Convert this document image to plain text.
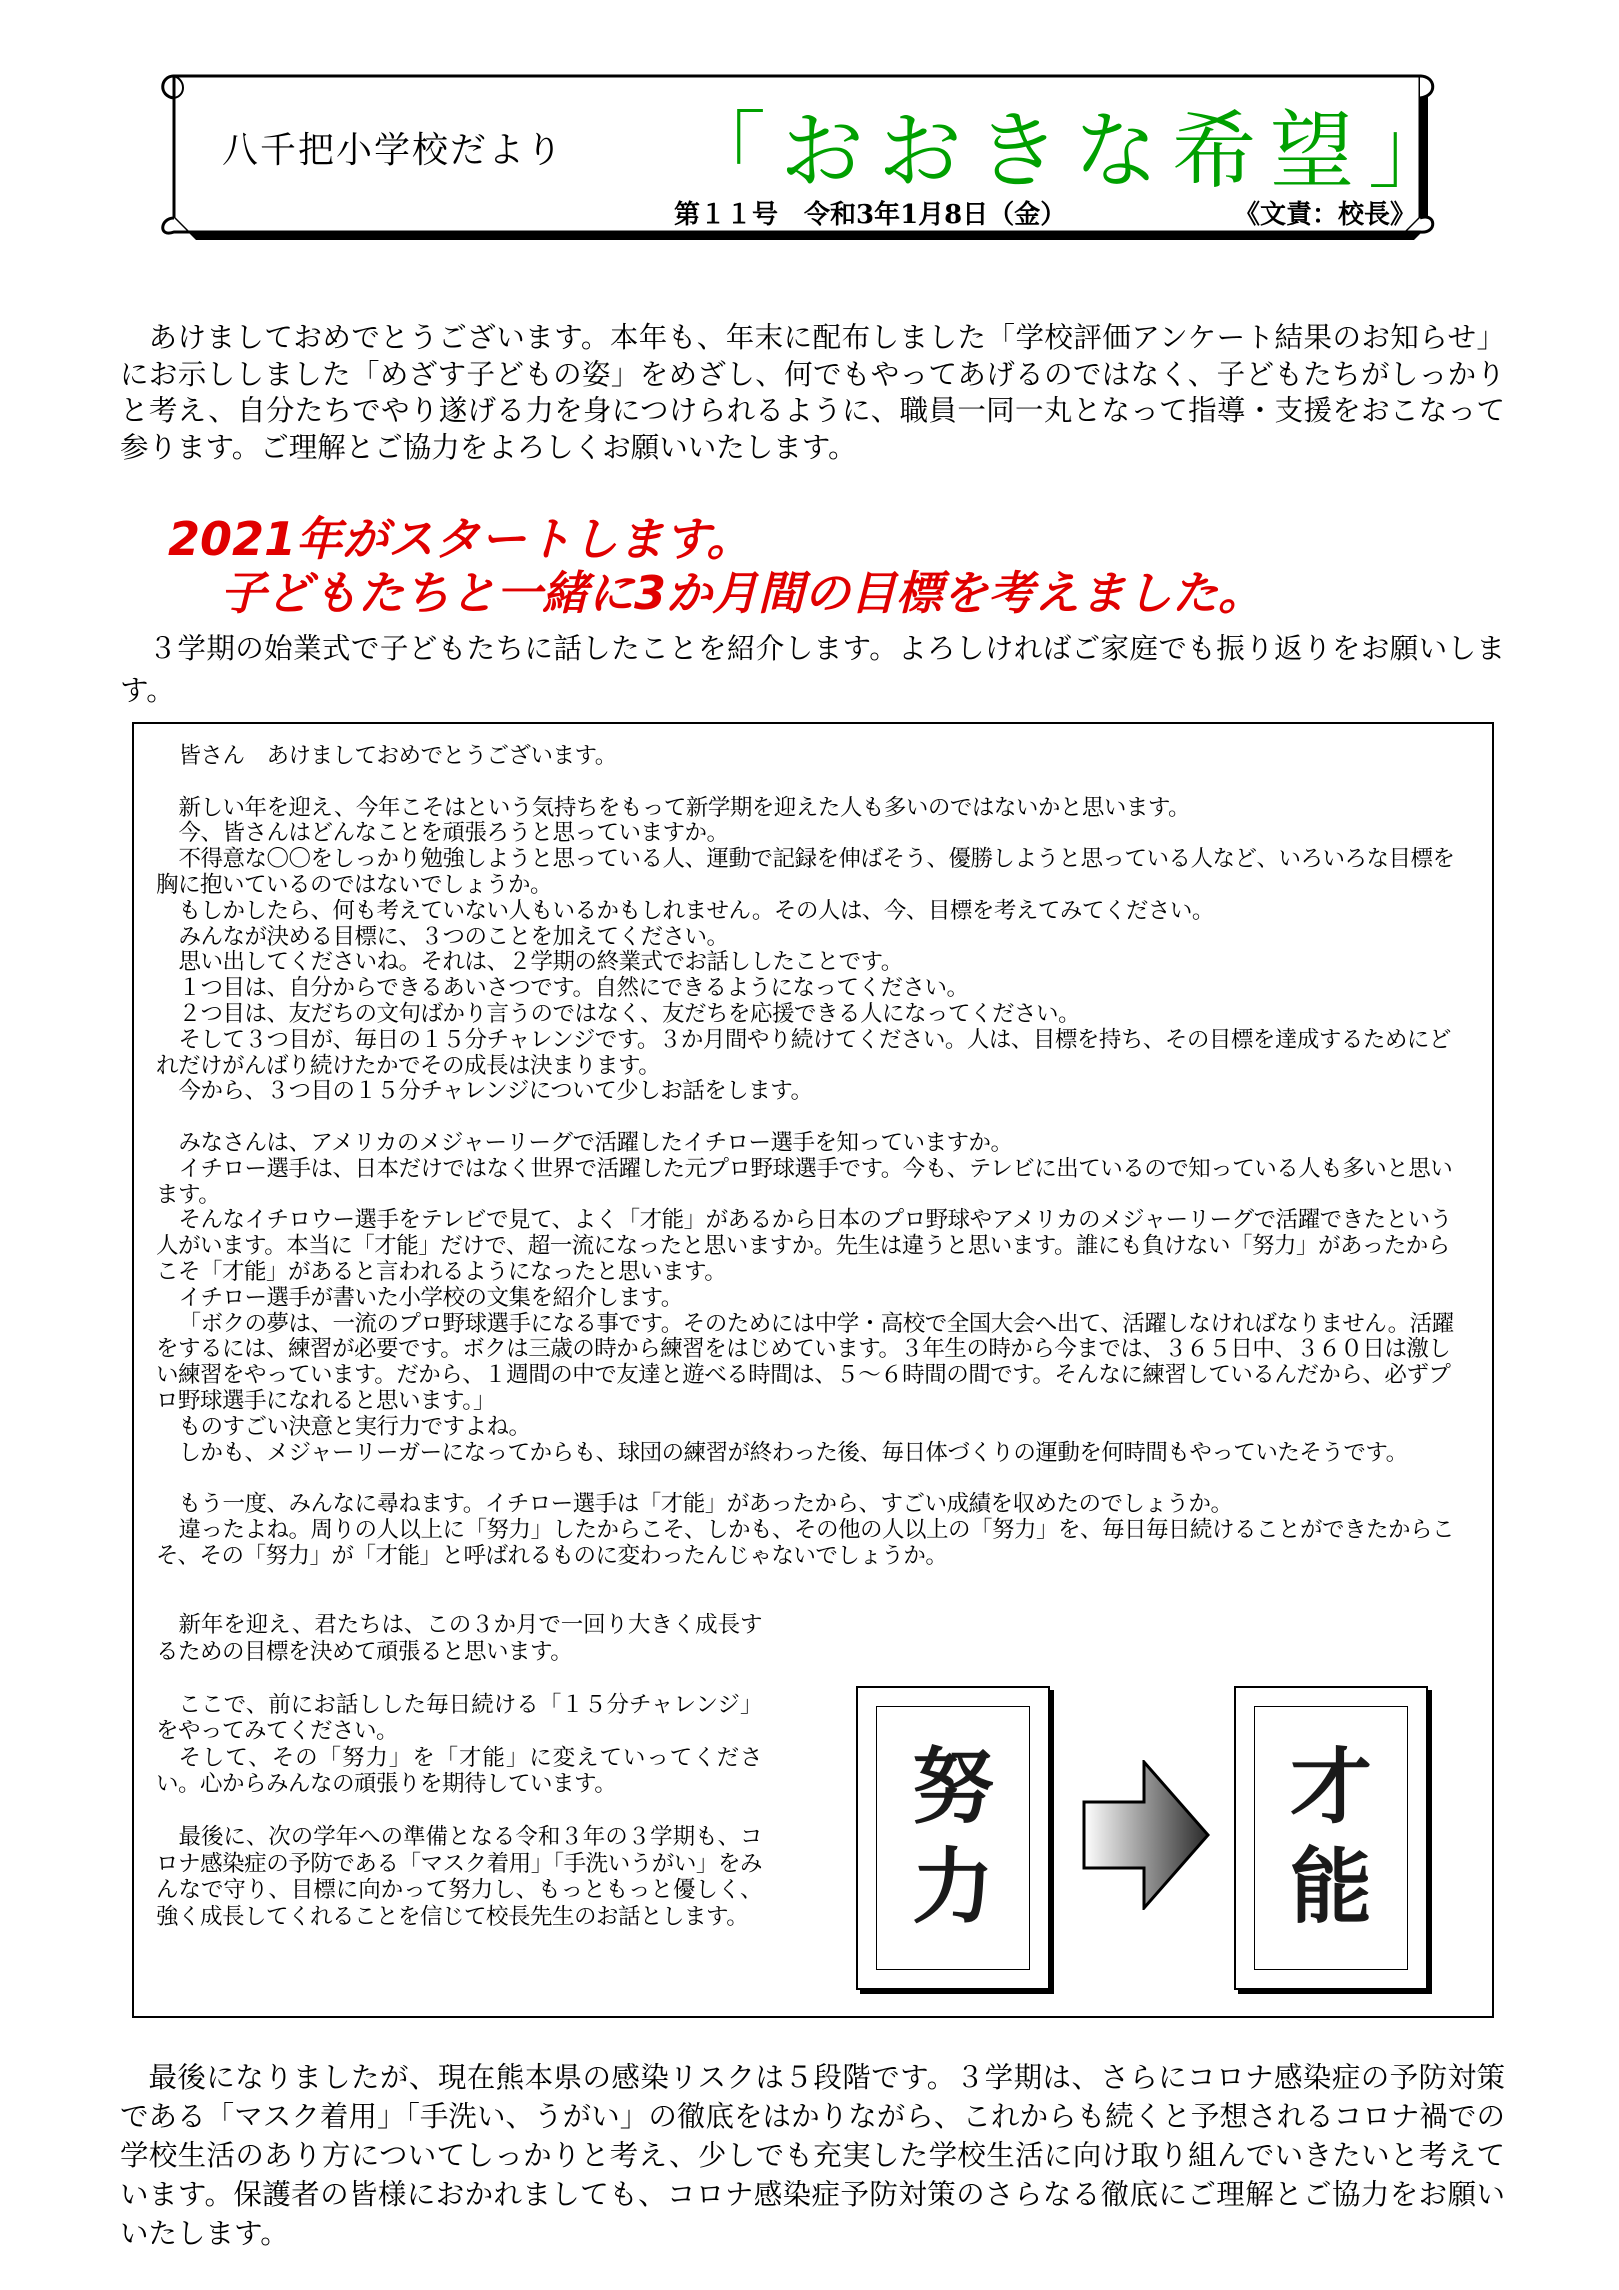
八千把小学校だより 「おおきな希望」
第１１号　令和3年1月8日（金）	《文責：校長》
あけましておめでとうございます。本年も、年末に配布しました「学校評価アンケート結果のお知らせ」にお示ししました「めざす子どもの姿」をめざし、何でもやってあげるのではなく、子どもたちがしっかりと考え、自分たちでやり遂げる力を身につけられるように、職員一同一丸となって指導・支援をおこなって参ります。ご理解とご協力をよろしくお願いいたします。
2021年がスタートします。
子どもたちと一緒に3か月間の目標を考えました。
３学期の始業式で子どもたちに話したことを紹介します。よろしければご家庭でも振り返りをお願いします。

皆さん　あけましておめでとうございます。

新しい年を迎え、今年こそはという気持ちをもって新学期を迎えた人も多いのではないかと思います。

今、皆さんはどんなことを頑張ろうと思っていますか。

不得意な〇〇をしっかり勉強しようと思っている人、運動で記録を伸ばそう、優勝しようと思っている人など、いろいろな目標を胸に抱いているのではないでしょうか。

もしかしたら、何も考えていない人もいるかもしれません。その人は、今、目標を考えてみてください。

みんなが決める目標に、３つのことを加えてください。

思い出してくださいね。それは、２学期の終業式でお話ししたことです。

１つ目は、自分からできるあいさつです。自然にできるようになってください。

２つ目は、友だちの文句ばかり言うのではなく、友だちを応援できる人になってください。

そして３つ目が、毎日の１５分チャレンジです。３か月間やり続けてください。人は、目標を持ち、その目標を達成するためにどれだけがんばり続けたかでその成長は決まります。

今から、３つ目の１５分チャレンジについて少しお話をします。

みなさんは、アメリカのメジャーリーグで活躍したイチロー選手を知っていますか。

イチロー選手は、日本だけではなく世界で活躍した元プロ野球選手です。今も、テレビに出ているので知っている人も多いと思います。

そんなイチロウー選手をテレビで見て、よく「才能」があるから日本のプロ野球やアメリカのメジャーリーグで活躍できたという人がいます。本当に「才能」だけで、超一流になったと思いますか。先生は違うと思います。誰にも負けない「努力」があったからこそ「才能」があると言われるようになったと思います。

イチロー選手が書いた小学校の文集を紹介します。

「ボクの夢は、一流のプロ野球選手になる事です。そのためには中学・高校で全国大会へ出て、活躍しなければなりません。活躍をするには、練習が必要です。ボクは三歳の時から練習をはじめています。３年生の時から今までは、３６５日中、３６０日は激しい練習をやっています。だから、１週間の中で友達と遊べる時間は、５～６時間の間です。そんなに練習しているんだから、必ずプロ野球選手になれると思います。」

ものすごい決意と実行力ですよね。

しかも、メジャーリーガーになってからも、球団の練習が終わった後、毎日体づくりの運動を何時間もやっていたそうです。

もう一度、みんなに尋ねます。イチロー選手は「才能」があったから、すごい成績を収めたのでしょうか。

違ったよね。周りの人以上に「努力」したからこそ、しかも、その他の人以上の「努力」を、毎日毎日続けることができたからこそ、その「努力」が「才能」と呼ばれるものに変わったんじゃないでしょうか。

新年を迎え、君たちは、この３か月で一回り大きく成長するための目標を決めて頑張ると思います。

ここで、前にお話しした毎日続ける「１５分チャレンジ」をやってみてください。

そして、その「努力」を「才能」に変えていってください。心からみんなの頑張りを期待しています。

最後に、次の学年への準備となる令和３年の３学期も、コロナ感染症の予防である「マスク着用」「手洗いうがい」をみんなで守り、目標に向かって努力し、もっともっと優しく、強く成長してくれることを信じて校長先生のお話とします。

努
力
才
能
最後になりましたが、現在熊本県の感染リスクは５段階です。３学期は、さらにコロナ感染症の予防対策である「マスク着用」「手洗い、うがい」の徹底をはかりながら、これからも続くと予想されるコロナ禍での学校生活のあり方についてしっかりと考え、少しでも充実した学校生活に向け取り組んでいきたいと考えています。保護者の皆様におかれましても、コロナ感染症予防対策のさらなる徹底にご理解とご協力をお願いいたします。
